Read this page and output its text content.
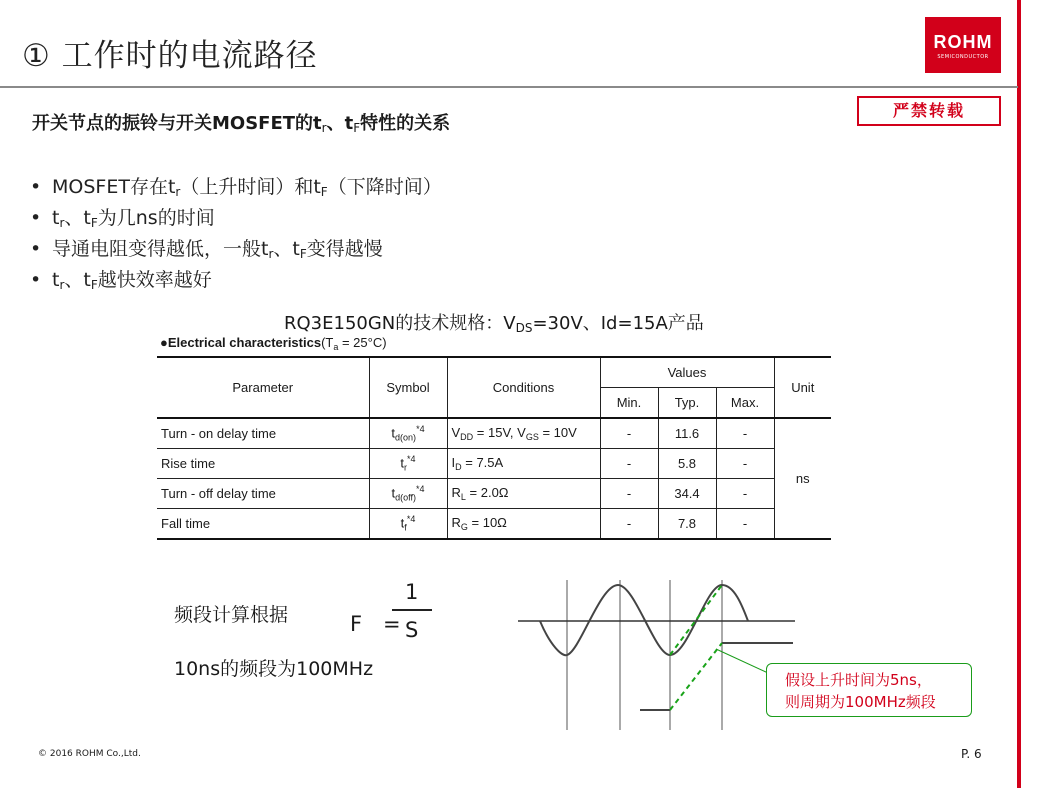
① 工作时的电流路径	ROHM
SEMICONDUCTOR
严禁转载
开关节点的振铃与开关MOSFET的$t_r$、$t_F$特性的关系
• MOSFET存在$t_r$（上升时间）和$t_F$（下降时间）
• $t_r$、$t_F$为几ns的时间
• 导通电阻变得越低，一般$t_r$、$t_F$变得越慢
• $t_r$、$t_F$越快效率越好
RQ3E150GN的技术规格：$V_{DS}=30V$、Id=15A产品
●Electrical $characteristics(T_a = 25^\circ C)$
Parameter	Symbol	Conditions	Values			Unit
			Min.	Typ.	Max.	
Turn - on delay time	$t_{d(on)}^{*4}$	$V_{DD} = 15V$, $V_{GS} = 10V$	-	11.6	-	ns
Rise time	$t_r^{*4}$	$I_D = 7.5A$	-	5.8	-	
Turn - off delay time	$t_{d(off)}^{*4}$	$R_L = 2.0\Omega$	-	34.4	-	
Fall time	$t_f^{*4}$	$R_G = 10\Omega$	-	7.8	-	
频段计算根据	F =
1
S
10ns的频段为100MHz	假设上升时间为5ns，
则周期为100MHz频段
© 2016 ROHM Co.,Ltd.	P. 6
